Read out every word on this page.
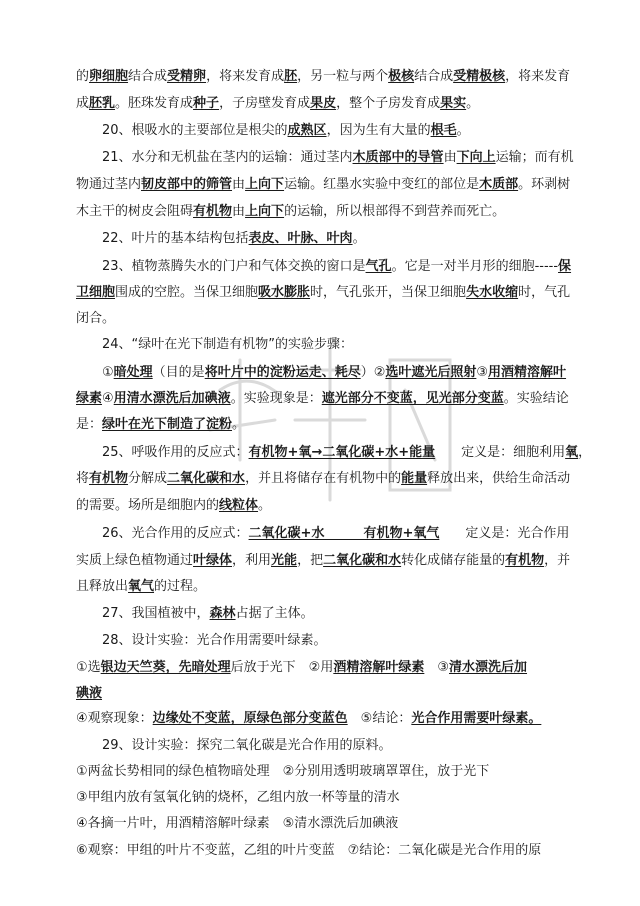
的卵细胞结合成受精卵，将来发育成胚，另一粒与两个极核结合成受精极核，将来发育
成胚乳。胚珠发育成种子，子房壁发育成果皮，整个子房发育成果实。
　　20、根吸水的主要部位是根尖的成熟区，因为生有大量的根毛。
　　21、水分和无机盐在茎内的运输：通过茎内木质部中的导管由下向上运输；而有机
物通过茎内韧皮部中的筛管由上向下运输。红墨水实验中变红的部位是木质部。环剥树
木主干的树皮会阻碍有机物由上向下的运输，所以根部得不到营养而死亡。
　　22、叶片的基本结构包括表皮、叶脉、叶肉。
　　23、植物蒸腾失水的门户和气体交换的窗口是气孔。它是一对半月形的细胞-----保
卫细胞围成的空腔。当保卫细胞吸水膨胀时，气孔张开，当保卫细胞失水收缩时，气孔
闭合。
　　24、“绿叶在光下制造有机物”的实验步骤：
　　①暗处理（目的是将叶片中的淀粉运走、耗尽）②选叶遮光后照射③用酒精溶解叶
绿素④用清水漂洗后加碘液。实验现象是：遮光部分不变蓝，见光部分变蓝。实验结论
是：绿叶在光下制造了淀粉。
　　25、呼吸作用的反应式：有机物+氧→二氧化碳+水+能量　　定义是：细胞利用氧，
将有机物分解成二氧化碳和水，并且将储存在有机物中的能量释放出来，供给生命活动
的需要。场所是细胞内的线粒体。
　　26、光合作用的反应式：二氧化碳+水　　　有机物+氧气　　定义是：光合作用
实质上绿色植物通过叶绿体，利用光能，把二氧化碳和水转化成储存能量的有机物，并
且释放出氧气的过程。
　　27、我国植被中，森林占据了主体。
　　28、设计实验：光合作用需要叶绿素。
①选银边天竺葵，先暗处理后放于光下　②用酒精溶解叶绿素　③清水漂洗后加
碘液
④观察现象：边缘处不变蓝，原绿色部分变蓝色　⑤结论：光合作用需要叶绿素。
　　29、设计实验：探究二氧化碳是光合作用的原料。
①两盆长势相同的绿色植物暗处理　②分别用透明玻璃罩罩住，放于光下
③甲组内放有氢氧化钠的烧杯，乙组内放一杯等量的清水
④各摘一片叶，用酒精溶解叶绿素　⑤清水漂洗后加碘液
⑥观察：甲组的叶片不变蓝，乙组的叶片变蓝　⑦结论：二氧化碳是光合作用的原
